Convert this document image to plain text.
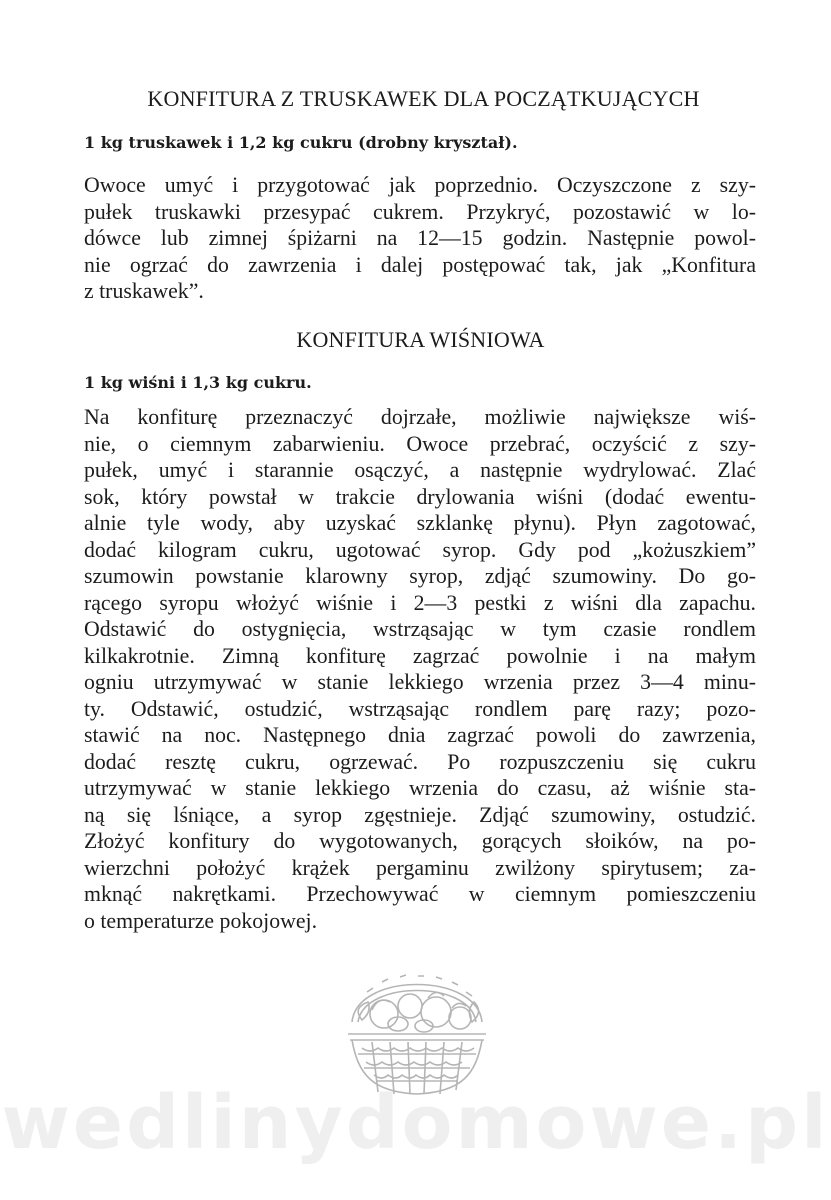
KONFITURA Z TRUSKAWEK DLA POCZĄTKUJĄCYCH
1 kg truskawek i 1,2 kg cukru (drobny kryształ).
Owoce umyć i przygotować jak poprzednio. Oczyszczone z szy-
pułek truskawki przesypać cukrem. Przykryć, pozostawić w lo-
dówce lub zimnej śpiżarni na 12—15 godzin. Następnie powol-
nie ogrzać do zawrzenia i dalej postępować tak, jak „Konfitura
z truskawek”.
KONFITURA WIŚNIOWA
1 kg wiśni i 1,3 kg cukru.
Na konfiturę przeznaczyć dojrzałe, możliwie największe wiś-
nie, o ciemnym zabarwieniu. Owoce przebrać, oczyścić z szy-
pułek, umyć i starannie osączyć, a następnie wydrylować. Zlać
sok, który powstał w trakcie drylowania wiśni (dodać ewentu-
alnie tyle wody, aby uzyskać szklankę płynu). Płyn zagotować,
dodać kilogram cukru, ugotować syrop. Gdy pod „kożuszkiem”
szumowin powstanie klarowny syrop, zdjąć szumowiny. Do go-
rącego syropu włożyć wiśnie i 2—3 pestki z wiśni dla zapachu.
Odstawić do ostygnięcia, wstrząsając w tym czasie rondlem
kilkakrotnie. Zimną konfiturę zagrzać powolnie i na małym
ogniu utrzymywać w stanie lekkiego wrzenia przez 3—4 minu-
ty. Odstawić, ostudzić, wstrząsając rondlem parę razy; pozo-
stawić na noc. Następnego dnia zagrzać powoli do zawrzenia,
dodać resztę cukru, ogrzewać. Po rozpuszczeniu się cukru
utrzymywać w stanie lekkiego wrzenia do czasu, aż wiśnie sta-
ną się lśniące, a syrop zgęstnieje. Zdjąć szumowiny, ostudzić.
Złożyć konfitury do wygotowanych, gorących słoików, na po-
wierzchni położyć krążek pergaminu zwilżony spirytusem; za-
mknąć nakrętkami. Przechowywać w ciemnym pomieszczeniu
o temperaturze pokojowej.
wedlinydomowe.pl
